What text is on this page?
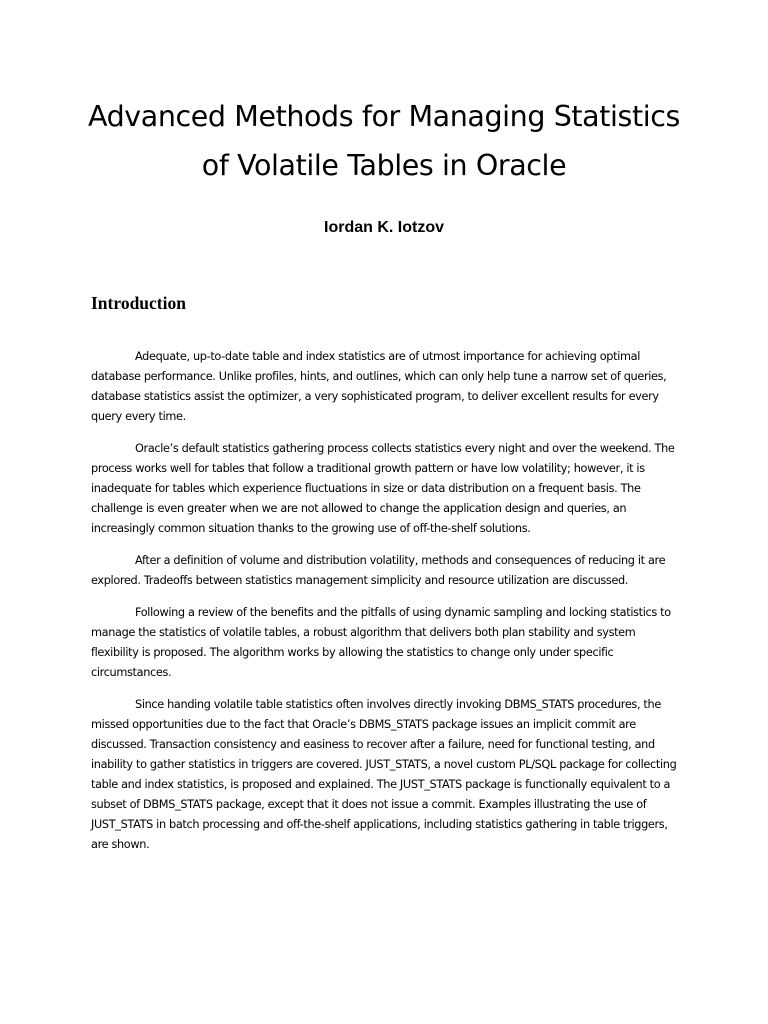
Advanced Methods for Managing Statistics
of Volatile Tables in Oracle

Iordan K. Iotzov

Introduction

Adequate, up-to-date table and index statistics are of utmost importance for achieving optimal database performance. Unlike profiles, hints, and outlines, which can only help tune a narrow set of queries, database statistics assist the optimizer, a very sophisticated program, to deliver excellent results for every query every time.

Oracle’s default statistics gathering process collects statistics every night and over the weekend. The process works well for tables that follow a traditional growth pattern or have low volatility; however, it is inadequate for tables which experience fluctuations in size or data distribution on a frequent basis. The challenge is even greater when we are not allowed to change the application design and queries, an increasingly common situation thanks to the growing use of off-the-shelf solutions.

After a definition of volume and distribution volatility, methods and consequences of reducing it are explored. Tradeoffs between statistics management simplicity and resource utilization are discussed.

Following a review of the benefits and the pitfalls of using dynamic sampling and locking statistics to manage the statistics of volatile tables, a robust algorithm that delivers both plan stability and system flexibility is proposed. The algorithm works by allowing the statistics to change only under specific circumstances.

Since handing volatile table statistics often involves directly invoking DBMS_STATS procedures, the missed opportunities due to the fact that Oracle’s DBMS_STATS package issues an implicit commit are discussed. Transaction consistency and easiness to recover after a failure, need for functional testing, and inability to gather statistics in triggers are covered. JUST_STATS, a novel custom PL/SQL package for collecting table and index statistics, is proposed and explained. The JUST_STATS package is functionally equivalent to a subset of DBMS_STATS package, except that it does not issue a commit. Examples illustrating the use of JUST_STATS in batch processing and off-the-shelf applications, including statistics gathering in table triggers, are shown.
